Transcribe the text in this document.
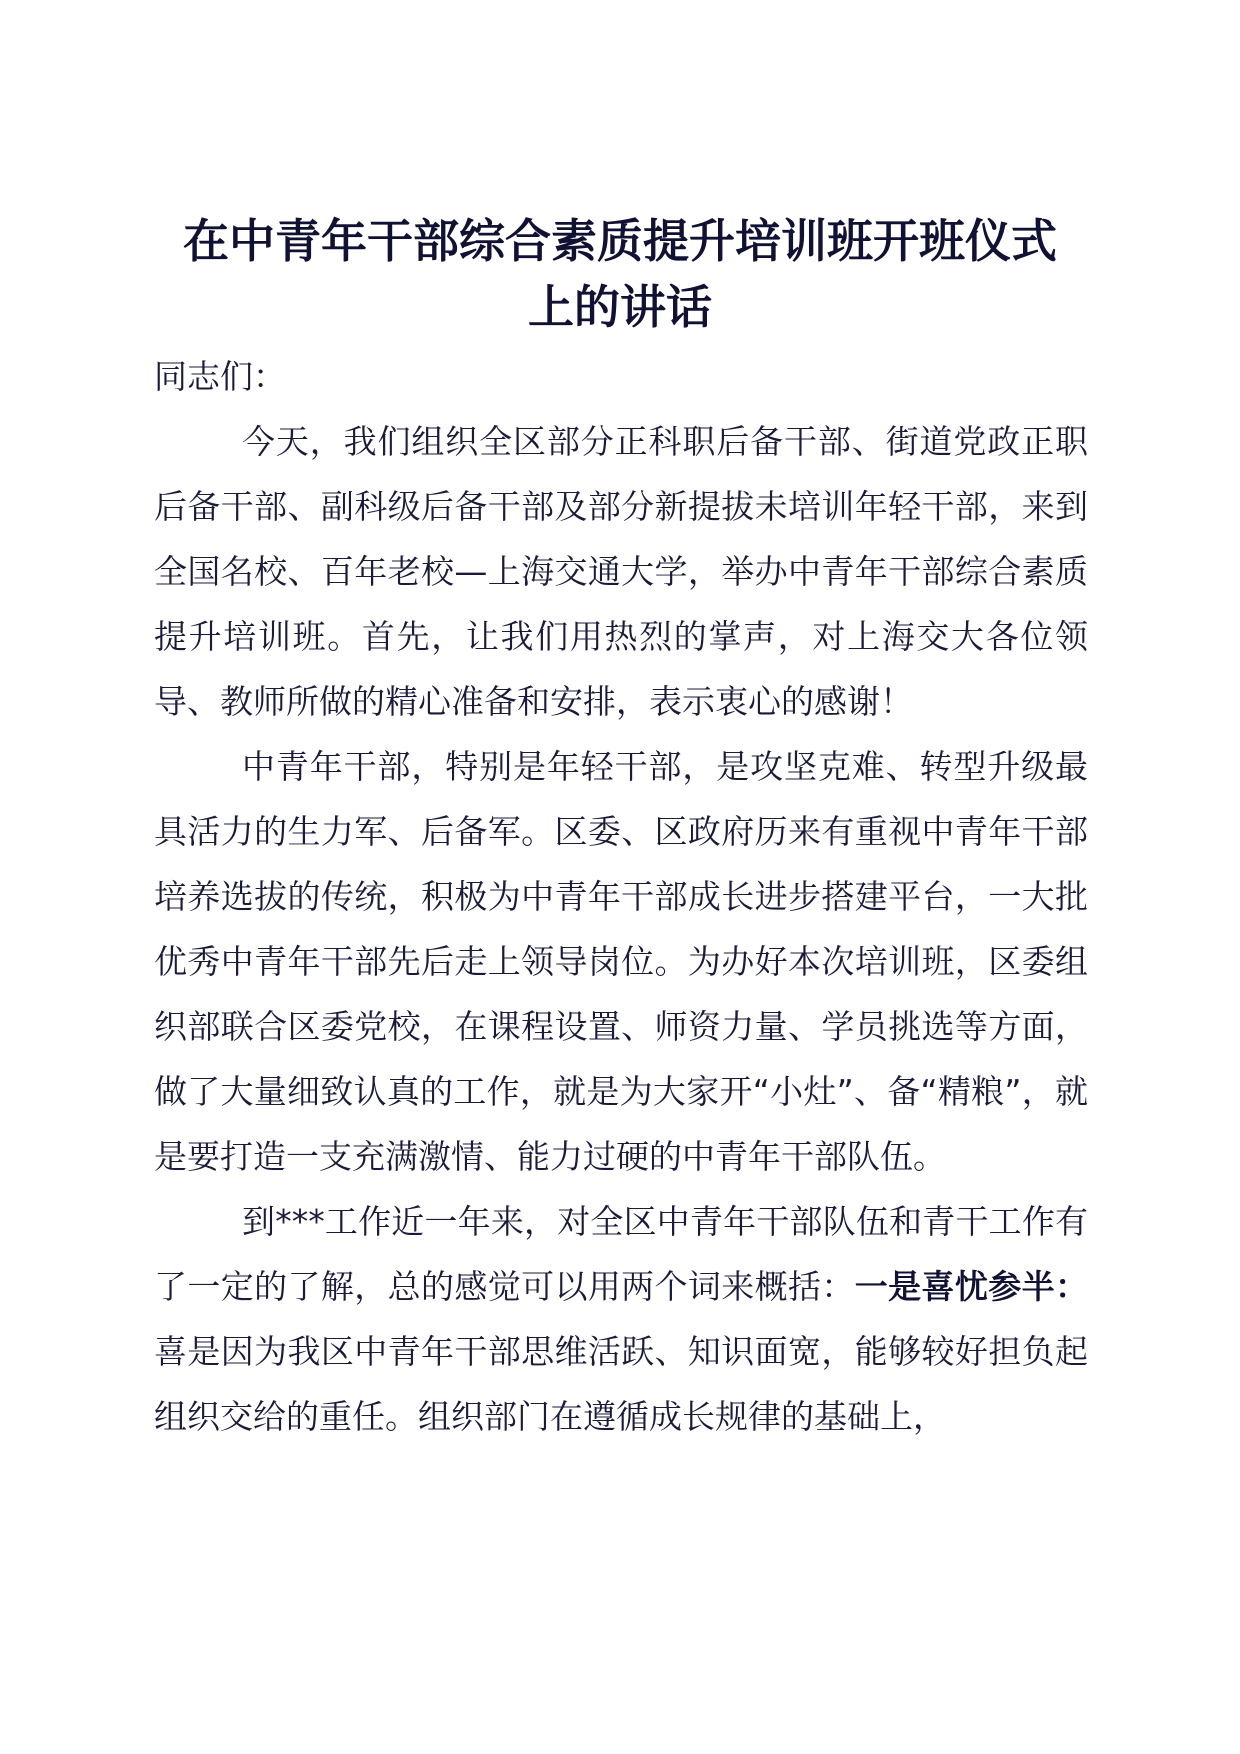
在中青年干部综合素质提升培训班开班仪式
上的讲话

同志们：

今天，我们组织全区部分正科职后备干部、街道党政正职后备干部、副科级后备干部及部分新提拔未培训年轻干部，来到全国名校、百年老校—上海交通大学，举办中青年干部综合素质提升培训班。首先，让我们用热烈的掌声，对上海交大各位领导、教师所做的精心准备和安排，表示衷心的感谢！

中青年干部，特别是年轻干部，是攻坚克难、转型升级最具活力的生力军、后备军。区委、区政府历来有重视中青年干部培养选拔的传统，积极为中青年干部成长进步搭建平台，一大批优秀中青年干部先后走上领导岗位。为办好本次培训班，区委组织部联合区委党校，在课程设置、师资力量、学员挑选等方面，做了大量细致认真的工作，就是为大家开“小灶”、备“精粮”，就是要打造一支充满激情、能力过硬的中青年干部队伍。

到***工作近一年来，对全区中青年干部队伍和青干工作有了一定的了解，总的感觉可以用两个词来概括：一是喜忧参半：喜是因为我区中青年干部思维活跃、知识面宽，能够较好担负起组织交给的重任。组织部门在遵循成长规律的基础上，
